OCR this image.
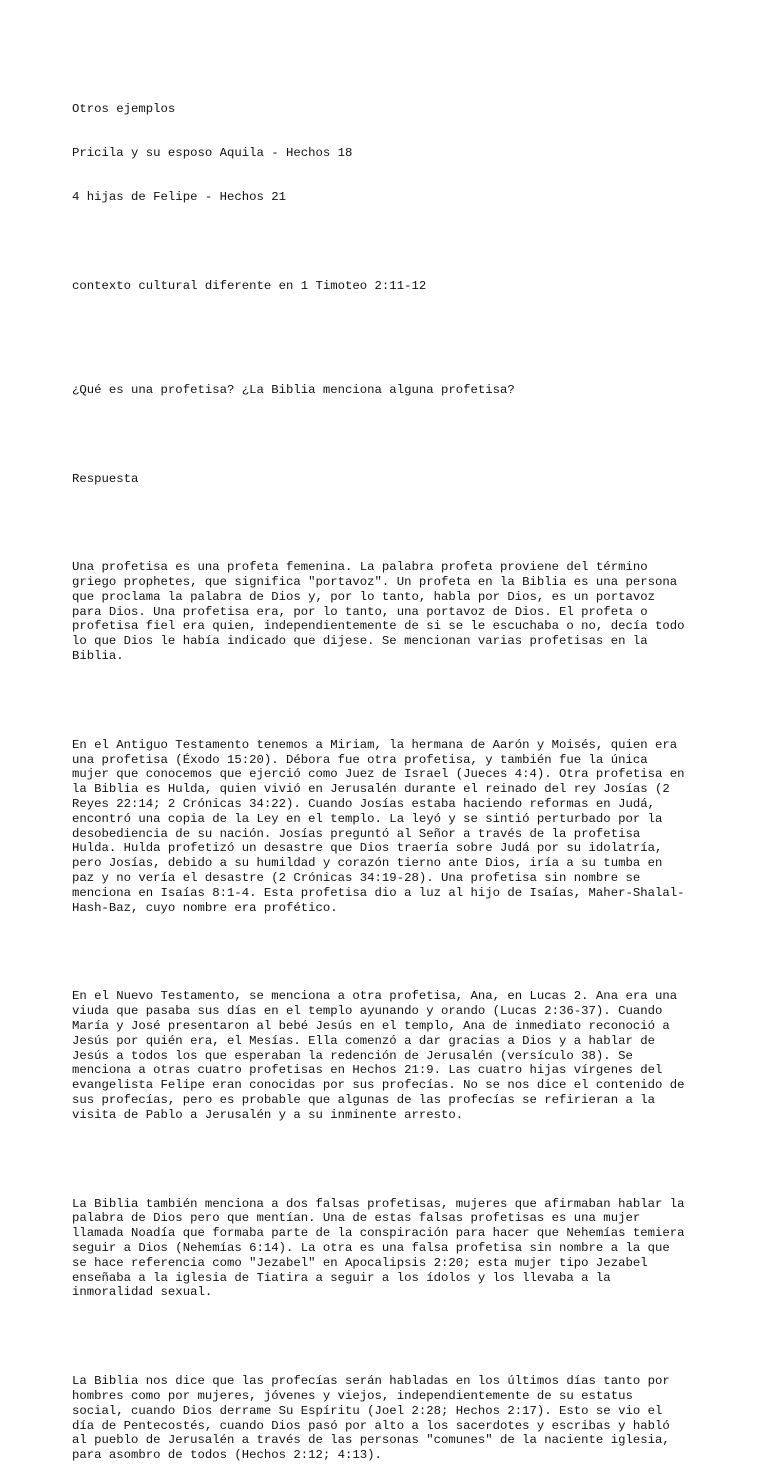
Otros ejemplos

Pricila y su esposo Aquila - Hechos 18

4 hijas de Felipe - Hechos 21

contexto cultural diferente en 1 Timoteo 2:11-12

¿Qué es una profetisa? ¿La Biblia menciona alguna profetisa?

Respuesta

Una profetisa es una profeta femenina. La palabra profeta proviene del término
griego prophetes, que significa "portavoz". Un profeta en la Biblia es una persona
que proclama la palabra de Dios y, por lo tanto, habla por Dios, es un portavoz
para Dios. Una profetisa era, por lo tanto, una portavoz de Dios. El profeta o
profetisa fiel era quien, independientemente de si se le escuchaba o no, decía todo
lo que Dios le había indicado que dijese. Se mencionan varias profetisas en la
Biblia.

En el Antiguo Testamento tenemos a Miriam, la hermana de Aarón y Moisés, quien era
una profetisa (Éxodo 15:20). Débora fue otra profetisa, y también fue la única
mujer que conocemos que ejerció como Juez de Israel (Jueces 4:4). Otra profetisa en
la Biblia es Hulda, quien vivió en Jerusalén durante el reinado del rey Josías (2
Reyes 22:14; 2 Crónicas 34:22). Cuando Josías estaba haciendo reformas en Judá,
encontró una copia de la Ley en el templo. La leyó y se sintió perturbado por la
desobediencia de su nación. Josías preguntó al Señor a través de la profetisa
Hulda. Hulda profetizó un desastre que Dios traería sobre Judá por su idolatría,
pero Josías, debido a su humildad y corazón tierno ante Dios, iría a su tumba en
paz y no vería el desastre (2 Crónicas 34:19-28). Una profetisa sin nombre se
menciona en Isaías 8:1-4. Esta profetisa dio a luz al hijo de Isaías, Maher-Shalal-
Hash-Baz, cuyo nombre era profético.

En el Nuevo Testamento, se menciona a otra profetisa, Ana, en Lucas 2. Ana era una
viuda que pasaba sus días en el templo ayunando y orando (Lucas 2:36-37). Cuando
María y José presentaron al bebé Jesús en el templo, Ana de inmediato reconoció a
Jesús por quién era, el Mesías. Ella comenzó a dar gracias a Dios y a hablar de
Jesús a todos los que esperaban la redención de Jerusalén (versículo 38). Se
menciona a otras cuatro profetisas en Hechos 21:9. Las cuatro hijas vírgenes del
evangelista Felipe eran conocidas por sus profecías. No se nos dice el contenido de
sus profecías, pero es probable que algunas de las profecías se refirieran a la
visita de Pablo a Jerusalén y a su inminente arresto.

La Biblia también menciona a dos falsas profetisas, mujeres que afirmaban hablar la
palabra de Dios pero que mentían. Una de estas falsas profetisas es una mujer
llamada Noadía que formaba parte de la conspiración para hacer que Nehemías temiera
seguir a Dios (Nehemías 6:14). La otra es una falsa profetisa sin nombre a la que
se hace referencia como "Jezabel" en Apocalipsis 2:20; esta mujer tipo Jezabel
enseñaba a la iglesia de Tiatira a seguir a los ídolos y los llevaba a la
inmoralidad sexual.

La Biblia nos dice que las profecías serán habladas en los últimos días tanto por
hombres como por mujeres, jóvenes y viejos, independientemente de su estatus
social, cuando Dios derrame Su Espíritu (Joel 2:28; Hechos 2:17). Esto se vio el
día de Pentecostés, cuando Dios pasó por alto a los sacerdotes y escribas y habló
al pueblo de Jerusalén a través de las personas "comunes" de la naciente iglesia,
para asombro de todos (Hechos 2:12; 4:13).
